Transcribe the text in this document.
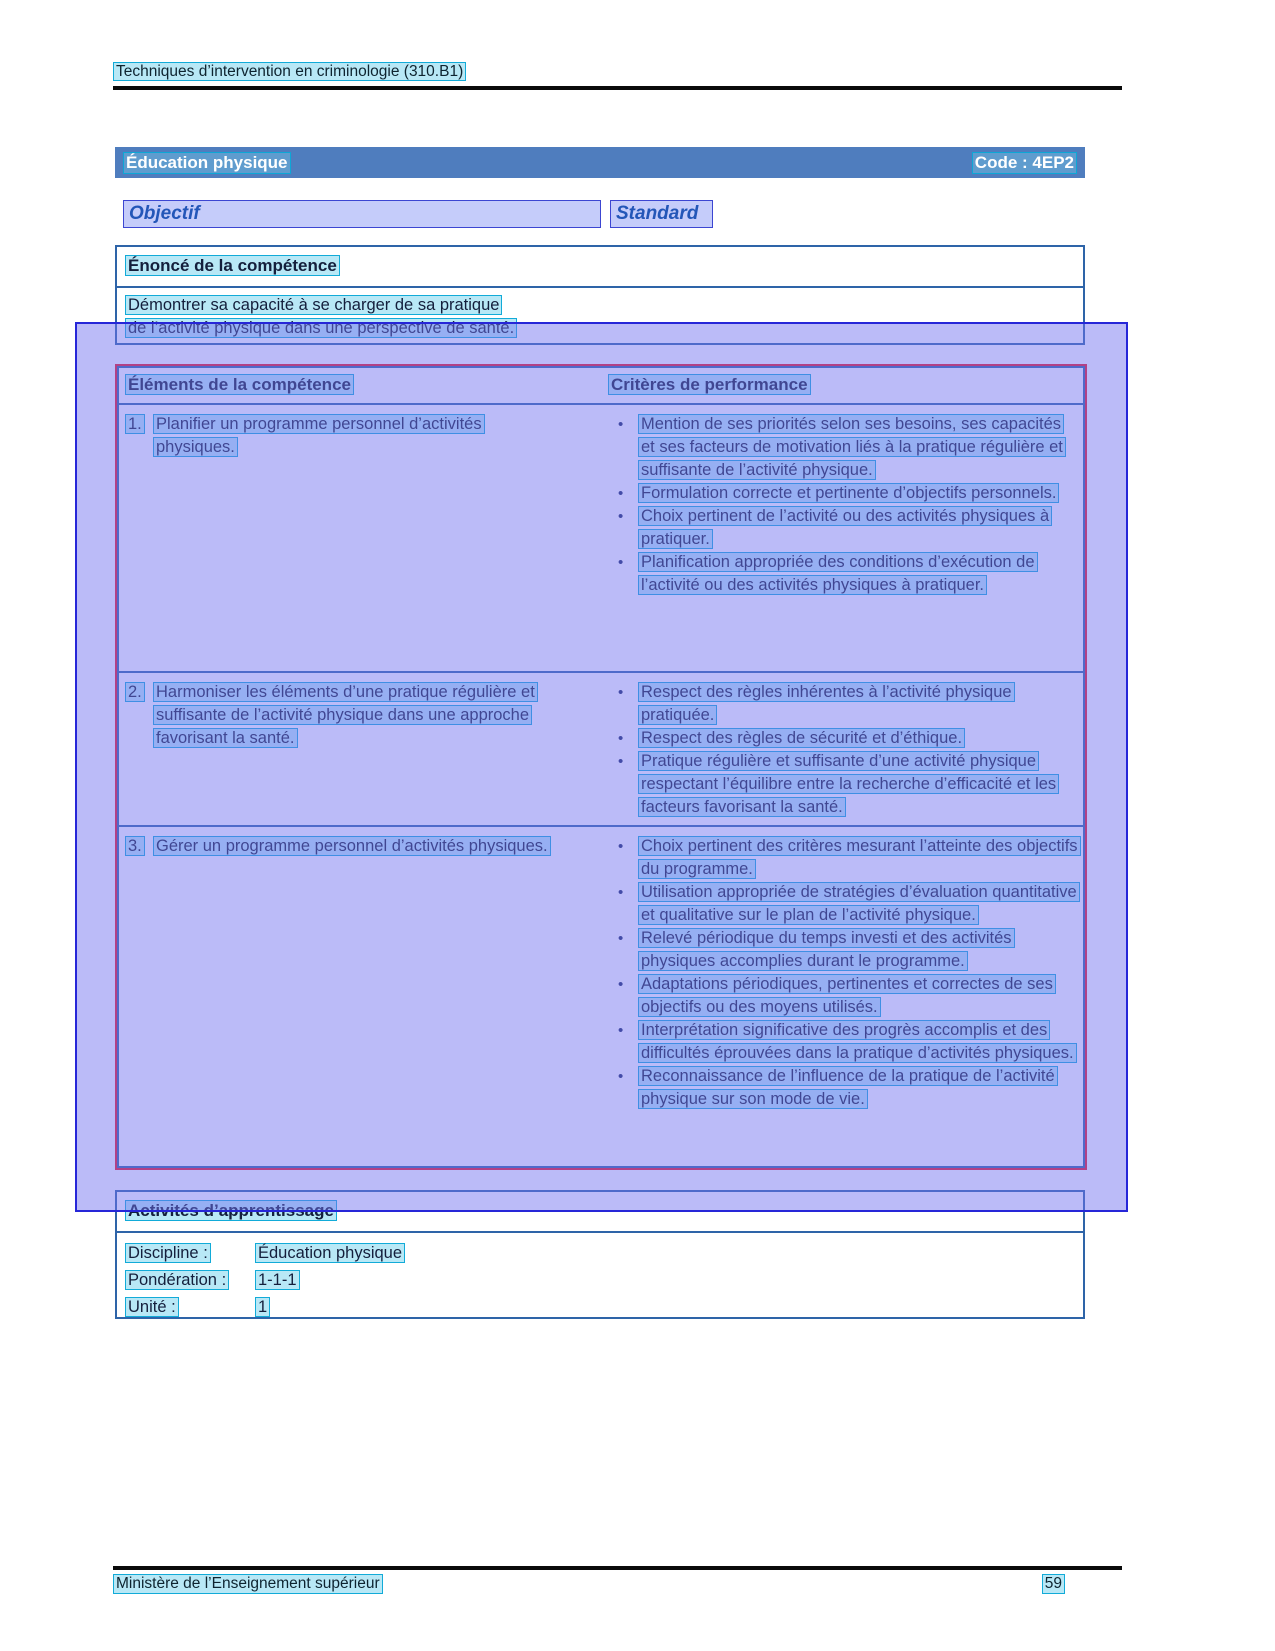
Techniques d’intervention en criminologie (310.B1)
Éducation physique	Code : 4EP2
Objectif	Standard
Énoncé de la compétence
Démontrer sa capacité à se charger de sa pratique
de l’activité physique dans une perspective de santé.
Éléments de la compétence	Critères de performance
1. Planifier un programme personnel d’activités physiques.
•	Mention de ses priorités selon ses besoins, ses capacités et ses facteurs de motivation liés à la pratique régulière et suffisante de l’activité physique.
•	Formulation correcte et pertinente d’objectifs personnels.
•	Choix pertinent de l’activité ou des activités physiques à pratiquer.
•	Planification appropriée des conditions d’exécution de l’activité ou des activités physiques à pratiquer.
2. Harmoniser les éléments d’une pratique régulière et suffisante de l’activité physique dans une approche favorisant la santé.
•	Respect des règles inhérentes à l’activité physique pratiquée.
•	Respect des règles de sécurité et d’éthique.
•	Pratique régulière et suffisante d’une activité physique respectant l’équilibre entre la recherche d’efficacité et les facteurs favorisant la santé.
3. Gérer un programme personnel d’activités physiques.	•	Choix pertinent des critères mesurant l’atteinte des objectifs du programme.
•	Utilisation appropriée de stratégies d’évaluation quantitative et qualitative sur le plan de l’activité physique.
•	Relevé périodique du temps investi et des activités physiques accomplies durant le programme.
•	Adaptations périodiques, pertinentes et correctes de ses objectifs ou des moyens utilisés.
•	Interprétation significative des progrès accomplis et des difficultés éprouvées dans la pratique d’activités physiques.
•	Reconnaissance de l’influence de la pratique de l’activité physique sur son mode de vie.
Activités d’apprentissage
Discipline :	Éducation physique
Pondération :	1-1-1
Unité :	1
Ministère de l’Enseignement supérieur	59
